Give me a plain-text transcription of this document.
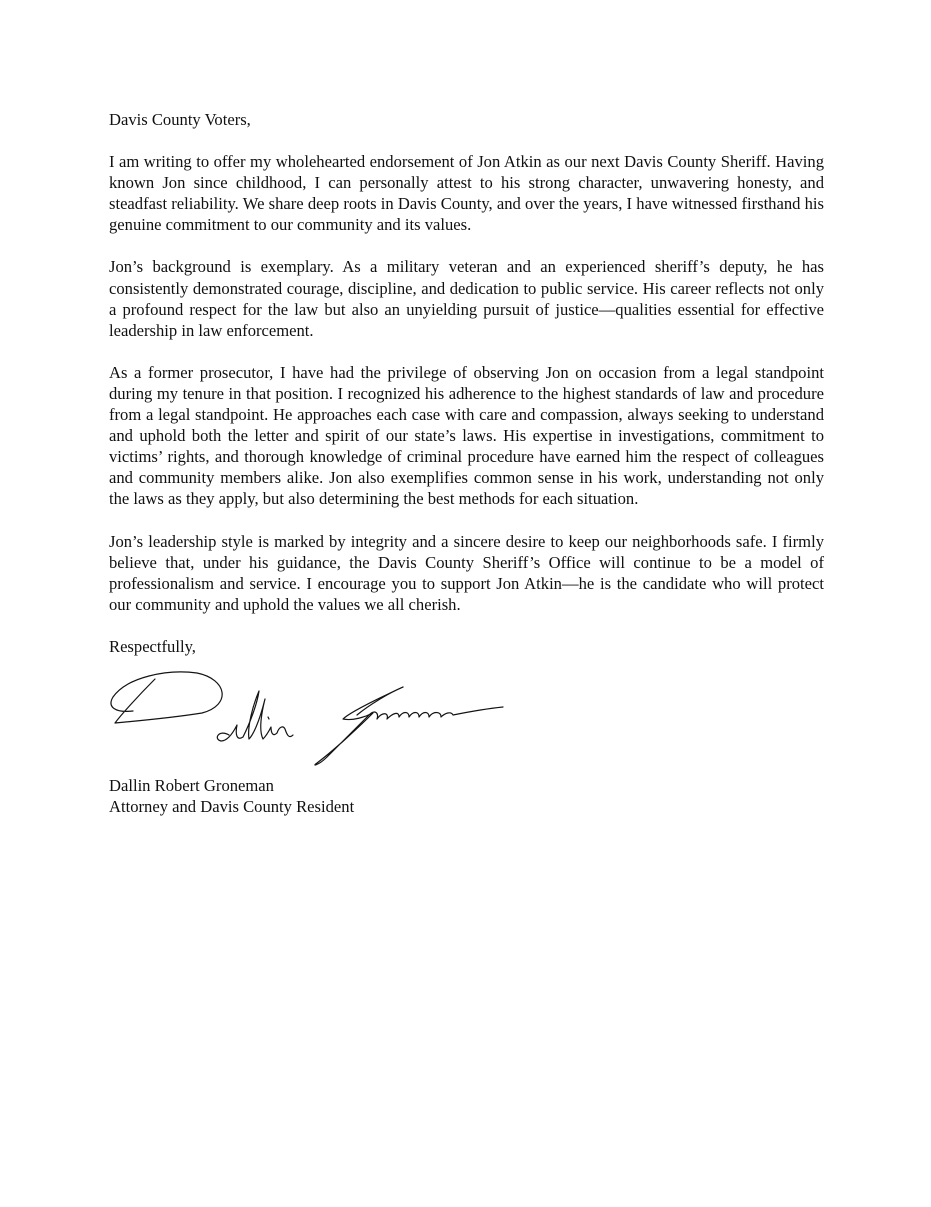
Davis County Voters,

I am writing to offer my wholehearted endorsement of Jon Atkin as our next Davis County Sheriff. Having known Jon since childhood, I can personally attest to his strong character, unwavering honesty, and steadfast reliability. We share deep roots in Davis County, and over the years, I have witnessed firsthand his genuine commitment to our community and its values.

Jon’s background is exemplary. As a military veteran and an experienced sheriff’s deputy, he has consistently demonstrated courage, discipline, and dedication to public service. His career reflects not only a profound respect for the law but also an unyielding pursuit of justice—qualities essential for effective leadership in law enforcement.

As a former prosecutor, I have had the privilege of observing Jon on occasion from a legal standpoint during my tenure in that position. I recognized his adherence to the highest standards of law and procedure from a legal standpoint. He approaches each case with care and compassion, always seeking to understand and uphold both the letter and spirit of our state’s laws. His expertise in investigations, commitment to victims’ rights, and thorough knowledge of criminal procedure have earned him the respect of colleagues and community members alike. Jon also exemplifies common sense in his work, understanding not only the laws as they apply, but also determining the best methods for each situation.

Jon’s leadership style is marked by integrity and a sincere desire to keep our neighborhoods safe. I firmly believe that, under his guidance, the Davis County Sheriff’s Office will continue to be a model of professionalism and service. I encourage you to support Jon Atkin—he is the candidate who will protect our community and uphold the values we all cherish.

Respectfully,

Dallin Robert Groneman

Attorney and Davis County Resident
